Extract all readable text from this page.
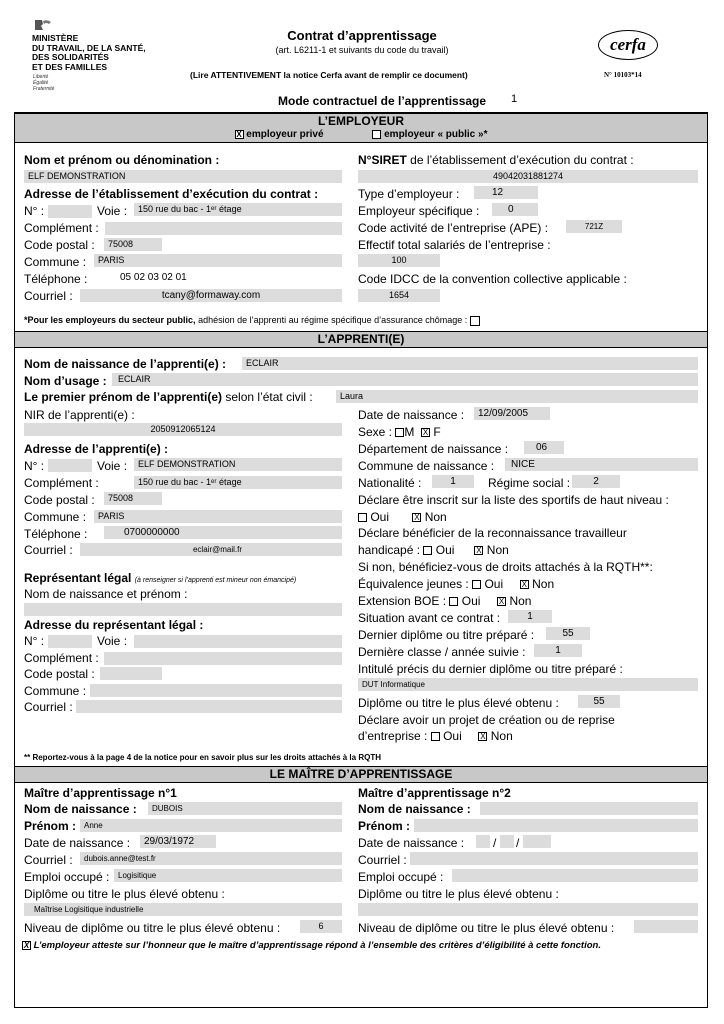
MINISTÈRE
DU TRAVAIL, DE LA SANTÉ,
DES SOLIDARITÉS
ET DES FAMILLES
Liberté
Égalité
Fraternité
Contrat d’apprentissage
(art. L6211-1 et suivants du code du travail)
(Lire ATTENTIVEMENT la notice Cerfa avant de remplir ce document)
cerfa
N° 10103*14
Mode contractuel de l’apprentissage 1
L’EMPLOYEUR
X employeur privé	employeur « public »*
Nom et prénom ou dénomination :
ELF DEMONSTRATION
Adresse de l’établissement d’exécution du contrat :
N° :	Voie :	150 rue du bac - 1ᵉʳ étage
Complément :
Code postal :	75008
Commune :	PARIS
Téléphone :	05 02 03 02 01
Courriel :	tcany@formaway.com
N°SIRET de l’établissement d’exécution du contrat :
49042031881274
Type d’employeur :	12
Employeur spécifique :	0
Code activité de l’entreprise (APE) :	721Z
Effectif total salariés de l’entreprise :
100
Code IDCC de la convention collective applicable :
1654
*Pour les employeurs du secteur public, adhésion de l’apprenti au régime spécifique d’assurance chômage :
L’APPRENTI(E)
Nom de naissance de l’apprenti(e) :	ECLAIR
Nom d’usage :	ECLAIR
Le premier prénom de l’apprenti(e) selon l’état civil :	Laura
NIR de l’apprenti(e) :
2050912065124
Adresse de l’apprenti(e) :
N° :	Voie :	ELF DEMONSTRATION
Complément :	150 rue du bac - 1ᵉʳ étage
Code postal :	75008
Commune :	PARIS
Téléphone :	0700000000
Courriel :	eclair@mail.fr
Représentant légal (à renseigner si l’apprenti est mineur non émancipé)
Nom de naissance et prénom :
Adresse du représentant légal :
N° :	Voie :
Complément :
Code postal :
Commune :
Courriel :
Date de naissance :	12/09/2005
Sexe : M X F
Département de naissance :	06
Commune de naissance :	NICE
Nationalité :	1	Régime social :	2
Déclare être inscrit sur la liste des sportifs de haut niveau :
Oui	X Non
Déclare bénéficier de la reconnaissance travailleur
handicapé : Oui	X Non
Si non, bénéficiez-vous de droits attachés à la RQTH**:
Équivalence jeunes : Oui X Non
Extension BOE : Oui X Non
Situation avant ce contrat :	1
Dernier diplôme ou titre préparé :	55
Dernière classe / année suivie :	1
Intitulé précis du dernier diplôme ou titre préparé :
DUT Informatique
Diplôme ou titre le plus élevé obtenu :	55
Déclare avoir un projet de création ou de reprise
d’entreprise : Oui X Non
** Reportez-vous à la page 4 de la notice pour en savoir plus sur les droits attachés à la RQTH
LE MAÎTRE D’APPRENTISSAGE
Maître d’apprentissage n°1
Nom de naissance :	DUBOIS
Prénom : Anne
Date de naissance :	29/03/1972
Courriel :	dubois.anne@test.fr
Emploi occupé :	Logisitique
Diplôme ou titre le plus élevé obtenu :
Maîtrise Logisitique industrielle
Niveau de diplôme ou titre le plus élevé obtenu :	6
Maître d’apprentissage n°2
Nom de naissance :
Prénom :
Date de naissance : / /
Courriel :
Emploi occupé :
Diplôme ou titre le plus élevé obtenu :
Niveau de diplôme ou titre le plus élevé obtenu :
X L’employeur atteste sur l’honneur que le maître d’apprentissage répond à l’ensemble des critères d’éligibilité à cette fonction.
